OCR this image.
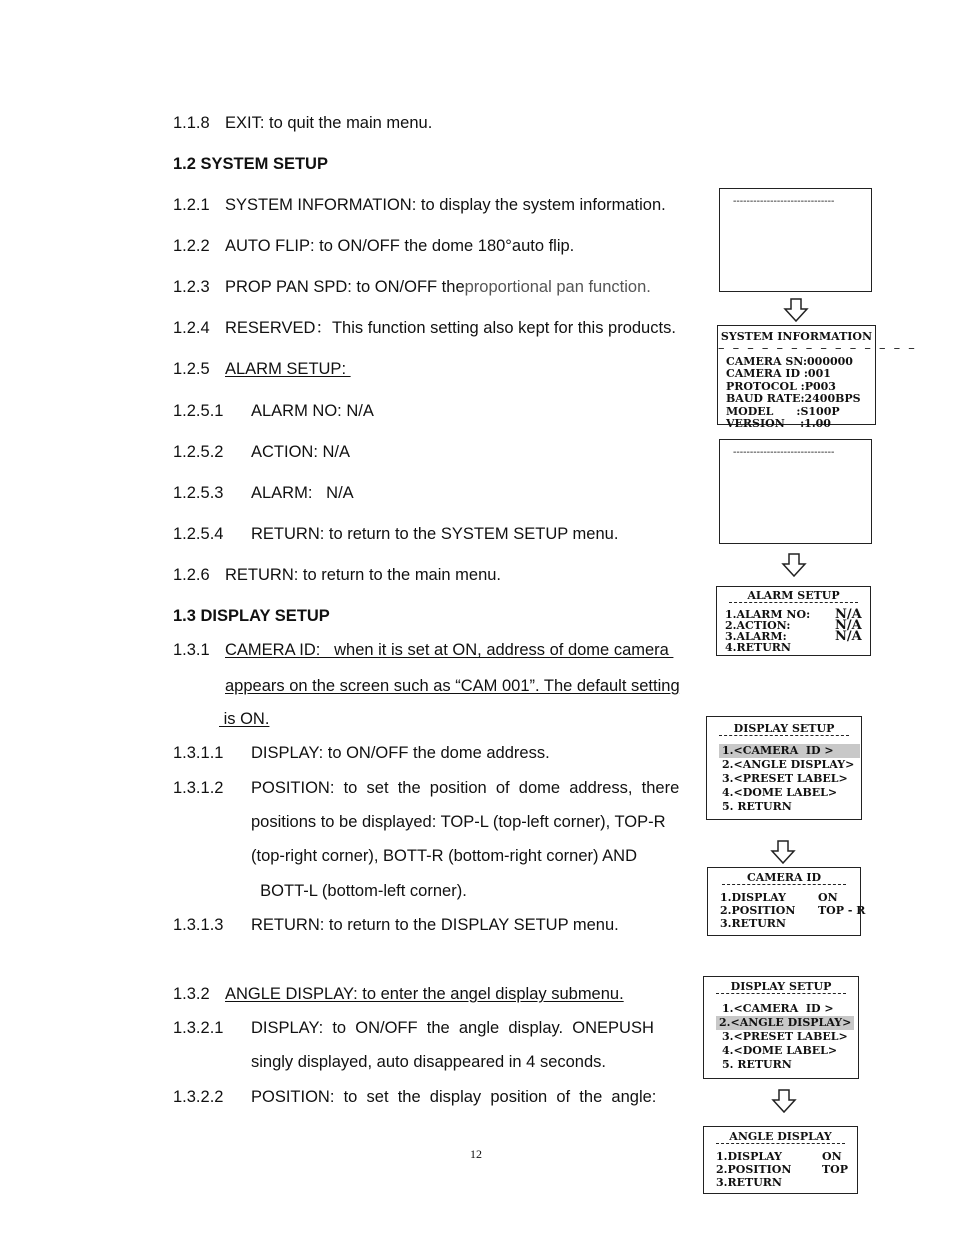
1.1.8 EXIT: to quit the main menu.
1.2 SYSTEM SETUP
1.2.1 SYSTEM INFORMATION: to display the system information.
1.2.2 AUTO FLIP: to ON/OFF the dome 180°auto flip.
1.2.3 PROP PAN SPD: to ON/OFF theproportional pan function.
1.2.4 RESERVED：This function setting also kept for this products.
1.2.5 ALARM SETUP:
1.2.5.1 ALARM NO: N/A
1.2.5.2 ACTION: N/A
1.2.5.3 ALARM:   N/A
1.2.5.4 RETURN: to return to the SYSTEM SETUP menu.
1.2.6 RETURN: to return to the main menu.
1.3 DISPLAY SETUP
1.3.1 CAMERA ID:   when it is set at ON, address of dome camera
appears on the screen such as “CAM 001”. The default setting
is ON.
1.3.1.1 DISPLAY: to ON/OFF the dome address.
1.3.1.2 POSITION:  to  set  the  position  of  dome  address,  there
positions to be displayed: TOP-L (top-left corner), TOP-R
(top-right corner), BOTT-R (bottom-right corner) AND
BOTT-L (bottom-left corner).
1.3.1.3 RETURN: to return to the DISPLAY SETUP menu.
1.3.2 ANGLE DISPLAY: to enter the angel display submenu.
1.3.2.1 DISPLAY:  to  ON/OFF  the  angle  display.  ONEPUSH
singly displayed, auto disappeared in 4 seconds.
1.3.2.2 POSITION:  to  set  the  display  position  of  the  angle:
------------------------------
SYSTEM INFORMATION
– – – – – – – – – – – – – –
CAMERA SN:000000
CAMERA ID :001
PROTOCOL :P003
BAUD RATE:2400BPS
MODEL      :S100P
VERSION    :1.00
------------------------------
ALARM SETUP
1.ALARM NO: N/A
2.ACTION:	N/A
3.ALARM:	N/A
4.RETURN
DISPLAY SETUP
1.<CAMERA  ID >
2.<ANGLE DISPLAY>
3.<PRESET LABEL>
4.<DOME LABEL>
5. RETURN
CAMERA ID
1.DISPLAY	ON
2.POSITION TOP - R
3.RETURN
DISPLAY SETUP
1.<CAMERA  ID >
2.<ANGLE DISPLAY>
3.<PRESET LABEL>
4.<DOME LABEL>
5. RETURN
ANGLE DISPLAY
1.DISPLAY	ON
2.POSITION	TOP
3.RETURN
12
